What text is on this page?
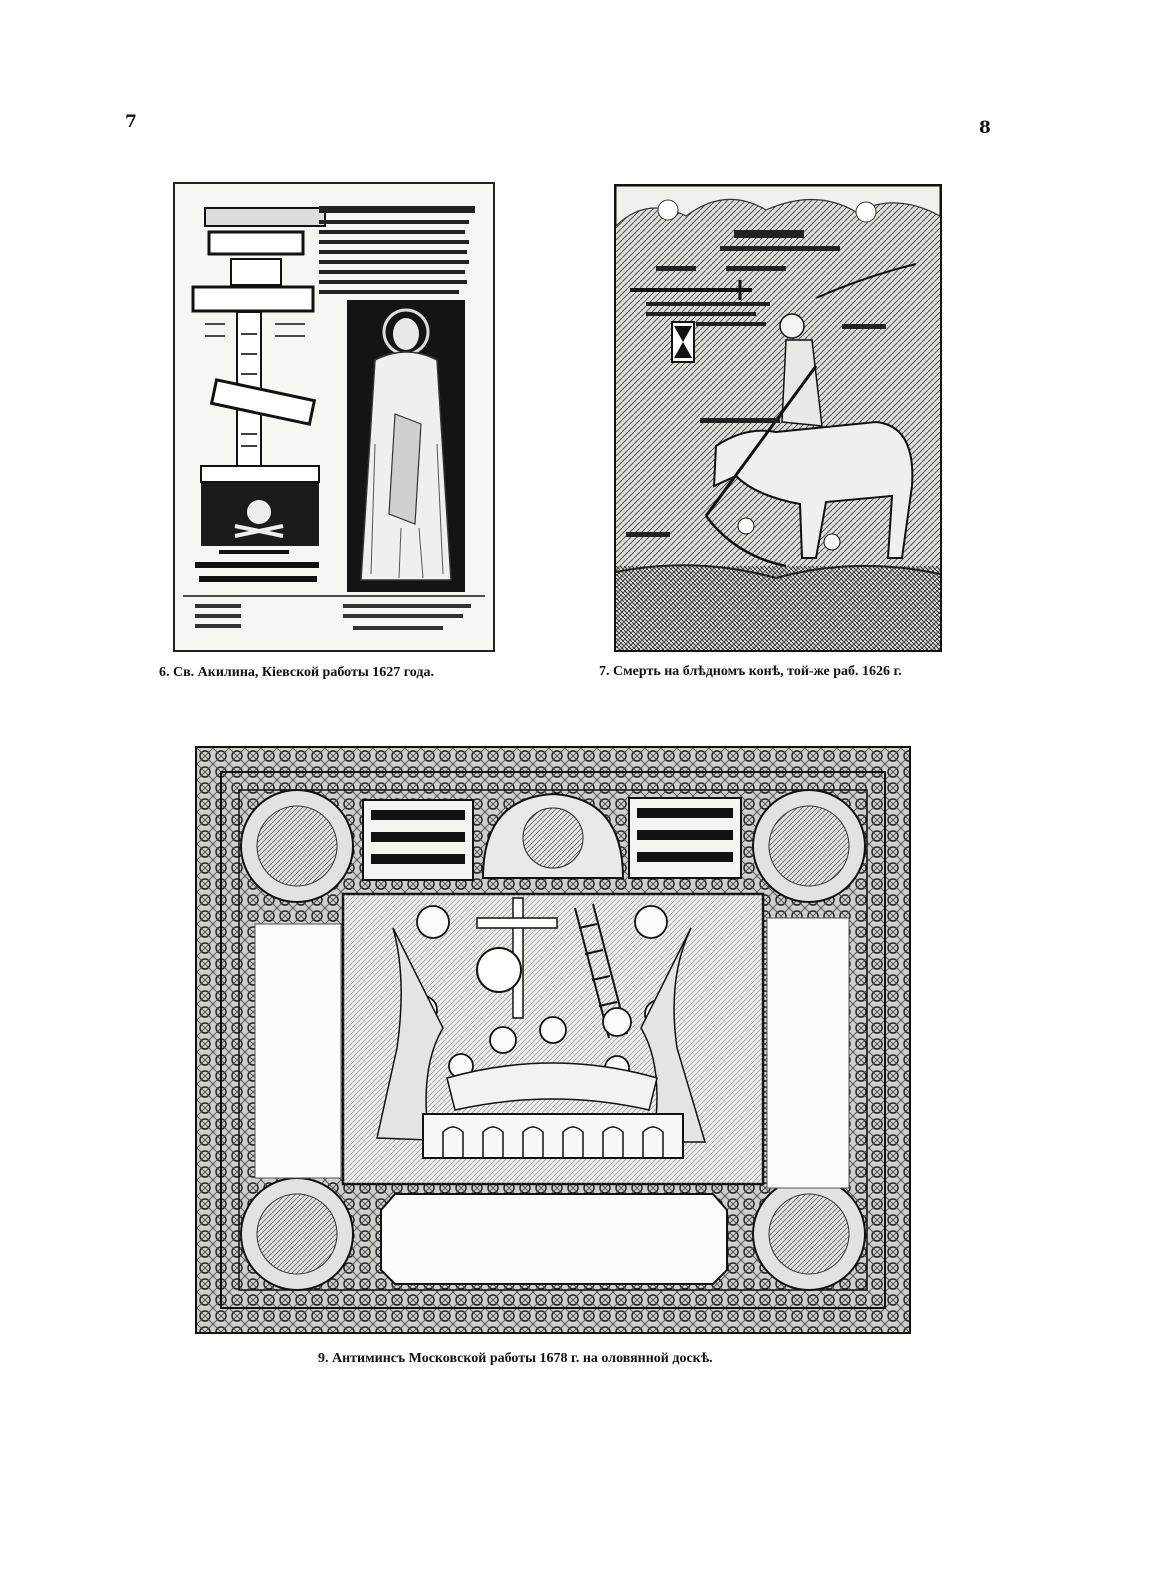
7	8
6. Св. Акилина, Кіевской работы 1627 года.	7. Смерть на блѣдномъ конѣ, той-же раб. 1626 г.
9. Антиминсъ Московской работы 1678 г. на оловянной доскѣ.
